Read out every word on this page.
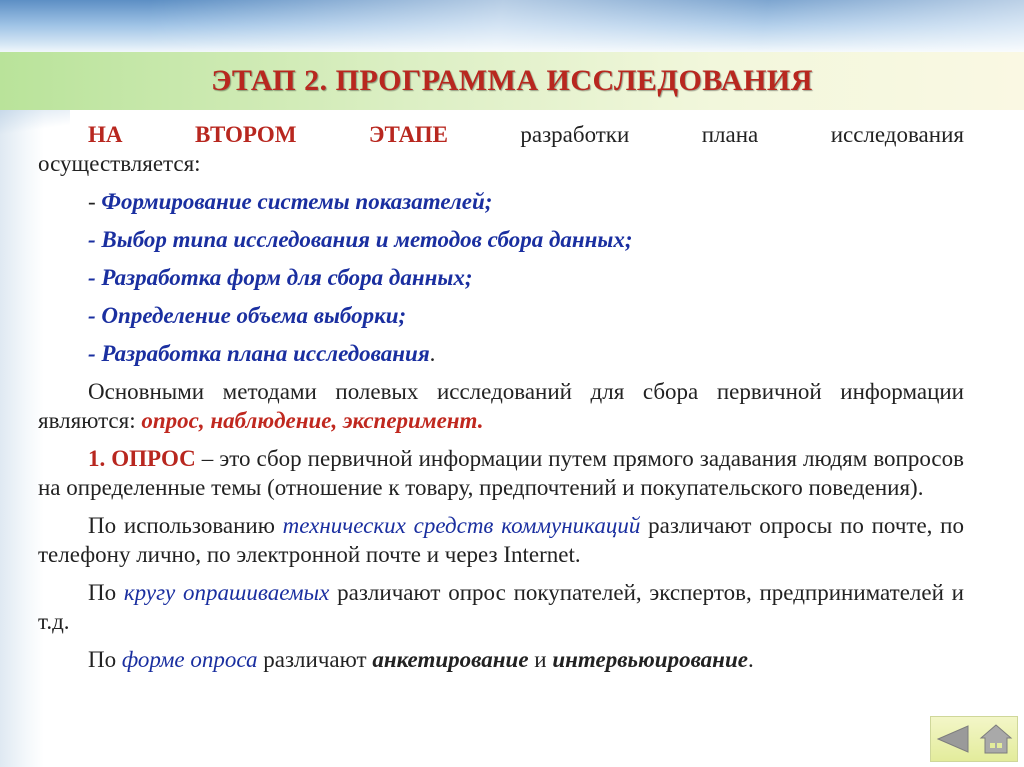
ЭТАП 2. ПРОГРАММА ИССЛЕДОВАНИЯ
НА	ВТОРОМ	ЭТАПЕ	разработки	плана	исследования

осуществляется:

- Формирование системы показателей;

- Выбор типа исследования и методов сбора данных;

- Разработка форм для сбора данных;

- Определение объема выборки;

- Разработка плана исследования.

Основными методами полевых исследований для сбора первичной информации являются: опрос, наблюдение, эксперимент.

1. ОПРОС – это сбор первичной информации путем прямого задавания людям вопросов на определенные темы (отношение к товару, предпочтений и покупательского поведения).

По использованию технических средств коммуникаций различают опросы по почте, по телефону лично, по электронной почте и через Internet.

По кругу опрашиваемых различают опрос покупателей, экспертов, предпринимателей и т.д.

По форме опроса различают анкетирование и интервьюирование.
